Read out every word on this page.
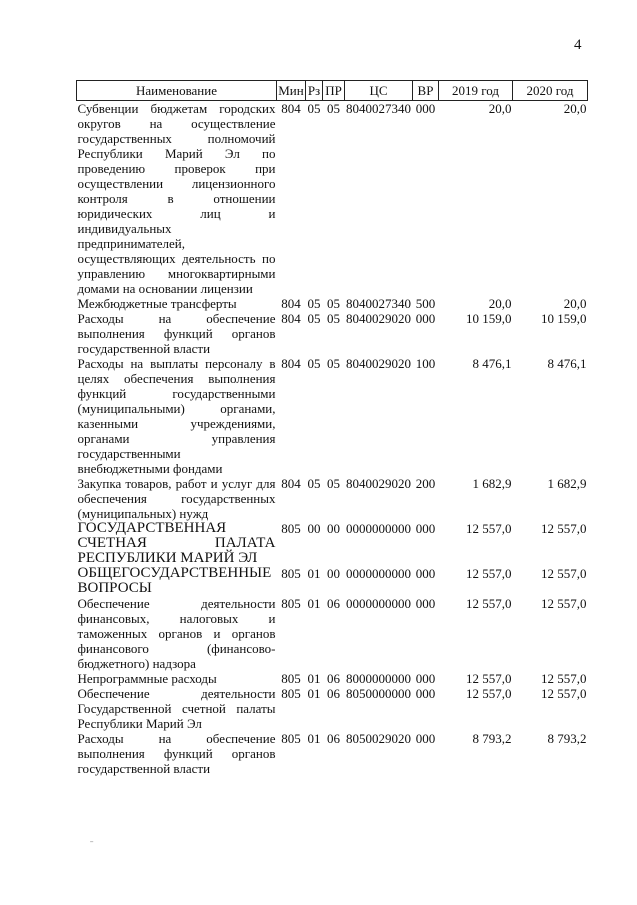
4
Наименование	Мин	Рз	ПР	ЦС	ВР	2019 год	2020 год
Субвенции бюджетам городских округов на осуществление государственных полномочий Республики Марий Эл по проведению проверок при осуществлении лицензионного контроля в отношении юридических лиц и индивидуальных предпринимателей, осуществляющих деятельность по управлению многоквартирными домами на основании лицензии	804	05	05	8040027340	000	20,0	20,0
Межбюджетные трансферты	804	05	05	8040027340	500	20,0	20,0
Расходы на обеспечение выполнения функций органов государственной власти	804	05	05	8040029020	000	10 159,0	10 159,0
Расходы на выплаты персоналу в целях обеспечения выполнения функций государственными (муниципальными) органами, казенными учреждениями, органами управления государственными внебюджетными фондами	804	05	05	8040029020	100	8 476,1	8 476,1
Закупка товаров, работ и услуг для обеспечения государственных (муниципальных) нужд	804	05	05	8040029020	200	1 682,9	1 682,9
ГОСУДАРСТВЕННАЯ СЧЕТНАЯ ПАЛАТА РЕСПУБЛИКИ МАРИЙ ЭЛ	805	00	00	0000000000	000	12 557,0	12 557,0
ОБЩЕГОСУДАРСТВЕННЫЕ ВОПРОСЫ	805	01	00	0000000000	000	12 557,0	12 557,0
Обеспечение деятельности финансовых, налоговых и таможенных органов и органов финансового (финансово-бюджетного) надзора	805	01	06	0000000000	000	12 557,0	12 557,0
Непрограммные расходы	805	01	06	8000000000	000	12 557,0	12 557,0
Обеспечение деятельности Государственной счетной палаты Республики Марий Эл	805	01	06	8050000000	000	12 557,0	12 557,0
Расходы на обеспечение выполнения функций органов государственной власти	805	01	06	8050029020	000	8 793,2	8 793,2
ˉ
